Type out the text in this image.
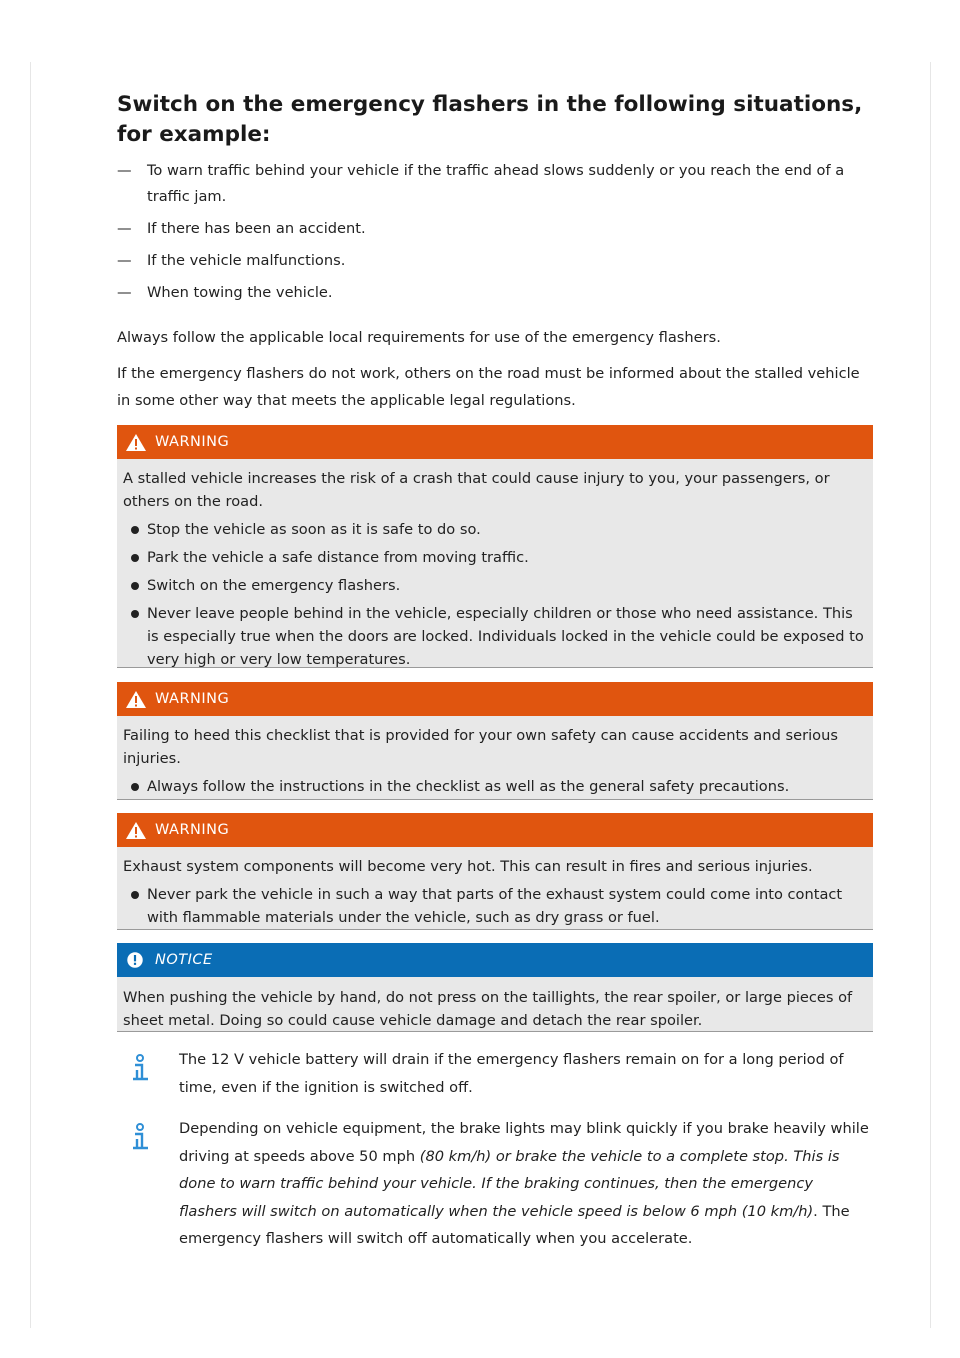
Switch on the emergency flashers in the following situations, for example:
— To warn traffic behind your vehicle if the traffic ahead slows suddenly or you reach the end of a traffic jam.
— If there has been an accident.
— If the vehicle malfunctions.
— When towing the vehicle.

Always follow the applicable local requirements for use of the emergency flashers.

If the emergency flashers do not work, others on the road must be informed about the stalled vehicle in some other way that meets the applicable legal regulations.

WARNING

A stalled vehicle increases the risk of a crash that could cause injury to you, your passengers, or others on the road.

Stop the vehicle as soon as it is safe to do so.
Park the vehicle a safe distance from moving traffic.
Switch on the emergency flashers.
Never leave people behind in the vehicle, especially children or those who need assistance. This is especially true when the doors are locked. Individuals locked in the vehicle could be exposed to very high or very low temperatures.
WARNING

Failing to heed this checklist that is provided for your own safety can cause accidents and serious injuries.

Always follow the instructions in the checklist as well as the general safety precautions.
WARNING

Exhaust system components will become very hot. This can result in fires and serious injuries.

Never park the vehicle in such a way that parts of the exhaust system could come into contact with flammable materials under the vehicle, such as dry grass or fuel.
NOTICE

When pushing the vehicle by hand, do not press on the taillights, the rear spoiler, or large pieces of sheet metal. Doing so could cause vehicle damage and detach the rear spoiler.

The 12 V vehicle battery will drain if the emergency flashers remain on for a long period of time, even if the ignition is switched off.
Depending on vehicle equipment, the brake lights may blink quickly if you brake heavily while driving at speeds above 50 mph (80 km/h) or brake the vehicle to a complete stop. This is done to warn traffic behind your vehicle. If the braking continues, then the emergency flashers will switch on automatically when the vehicle speed is below 6 mph (10 km/h). The emergency flashers will switch off automatically when you accelerate.
